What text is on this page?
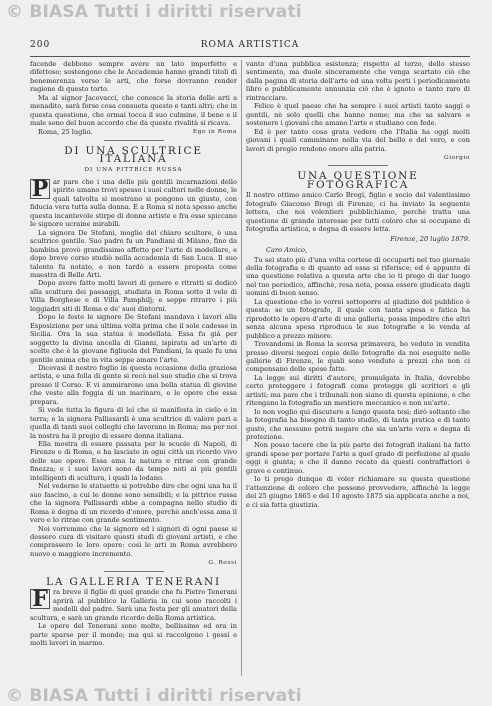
© BIASA Tutti i diritti riservati
200	ROMA ARTISTICA

facende debbono sempre avere un lato imperfetto e difettoso; sostengono che le Accademie hanno grandi titoli di benemerenza verso le arti, che forse dovranno render ragione di questo torto.

Ma al signor Jacovacci, che conosce la storia delle arti a menadito, sarà forse cosa consueta questo e tanti altri; che in questa questione, che ormai tocca il suo culmine, il bene e il male sono del buon accordo che da queste rivalità si ricava.

Roma, 25 luglio.	Ego in Roma
DI UNA SCULTRICE ITALIANA
DI UNA PITTRICE RUSSA

P ar pare che i una delle più gentili incarnazioni dello spirito umano trovi spesso i suoi cultori nelle donne, le quali talvolta si mostrano si pongono un giusto, con fiducia vera tutta sulla donna. E a Roma si nota spesso anche questa incantevole stirpe di donne artiste e fra esse spiccano le signore ucraine mirabili.

La signora De Stefani, moglie del chiaro scultore, è una scultrice gentile. Suo padre fu un Pandiani di Milano, fino da bambina provò grandissimo affetto per l'arte di modellare, e dopo breve corso studiò nella accademia di San Luca. Il suo talento fu notato, e non tardò a essere proposta come maestra di Belle Arti.

Dopo avere fatto molti lavori di genere e ritratti si dedicò alla scultura dei paesaggi, studiata in Roma sotto il velo di Villa Borghese e di Villa Pamphilj; e seppe ritrarre i più leggiadri siti di Roma e de' suoi dintorni.

Dopo le feste le signore De Stefani mandava i lavori alla Esposizione per una ultima volta prima che il sole cadesse in Sicilia. Ora la sua statua è modellata. Essa fu già per soggetto la divina ancella di Gianni, ispirata ad un'arte di scelte che è la giovane figliuola del Pandiani, la quale fu una gentile anima che in vita seppe amare l'arte.

Dicevasi il nostro foglio in questa occasione della graziosa artista, e una folla di gente si recò nel suo studio che si trova presso il Corso. E vi ammirarono una bella statua di giovine che veste alla foggia di un marinaro, e le opere che essa prepara.

Si vede tutta la figura di lei che si manifesta in cielo e in terra; e la signora Pallissardi è una scultrice di valore pari a quella di tanti suoi colleghi che lavorano in Roma; ma per noi la nostra ha il pregio di essere donna italiana.

Ella mostra di essere passata per le scuole di Napoli, di Firenze e di Roma, e ha lasciato in ogni città un ricordo vivo delle sue opere. Essa ama la natura e ritrae con grande finezza; e i suoi lavori sono da tempo noti ai più gentili intelligenti di scultura, i quali la lodano.

Nel vederne le statuette si potrebbe dire che ogni una ha il suo fascino, a cui le donne sono sensibili; e la pittrice russa che la signora Pallissardi ebbe a compagna nello studio di Roma è degna di un ricordo d'onore, perchè anch'essa ama il vero e lo ritrae con grande sentimento.

Noi vorremmo che le signore ed i signori di ogni paese si dessero cura di visitare questi studi di giovani artisti, e che comprassero le loro opere: così le arti in Roma avrebbero nuovo e maggiore incremento.

G. Rossi
LA GALLERIA TENERANI

F ra breve il figlio di quel grande che fu Pietro Tenerani aprirà al pubblico la Galleria in cui sono raccolti i modelli del padre. Sarà una festa per gli amatori della scultura, e sarà un grande ricordo della Roma artistica.

Le opere del Tenerani sono molte, bellissime ed ora in parte sparse per il mondo; ma qui si raccolgono i gessi e molti lavori in marmo.

vanto d'una pubblica esistenza; rispetto al terzo, dello stesso sentimento, ma duole sinceramente che venga scartato ciò che dalla pagina di storia dell'arte ed una volta porti i periodicamente libro e pubblicamente annunzia ciò che è ignoto e tanto raro di rintracciare.

Felice è quel paese che ha sempre i suoi artisti tanto saggi e gentili, nè solo quelli che hanno nome; ma che sa salvare e sostenere i giovani che amano l'arte e studiano con fede.

Ed è per tanto cosa grata vedere che l'Italia ha oggi molti giovani i quali camminano nella via del bello e del vero, e con lavori di pregio rendono onore alla patria.

Giorgio
UNA QUESTIONE FOTOGRAFICA

Il nostro ottimo amico Carlo Brogi, figlio e socio del valentissimo fotografo Giacomo Brogi di Firenze, ci ha inviato la seguente lettera, che noi volentieri pubblichiamo, perchè tratta una questione di grande interesse per tutti coloro che si occupano di fotografia artistica, e degna di essere letta.

Firenze, 20 luglio 1879.
Caro Amico,

Tu sei stato più d'una volta cortese di occuparti nel tuo giornale della fotografia e di quanto ad essa si riferisce; ed è appunto di una questione relativa a questa arte che io ti prego di dar luogo nel tuo periodico, affinchè, resa nota, possa essere giudicata dagli uomini di buon senso.

La questione che io vorrei sottoporre al giudizio del pubblico è questa: se un fotografo, il quale con tanta spesa e fatica ha riprodotto le opere d'arte di una galleria, possa impedire che altri senza alcuna spesa riproduca le sue fotografie e le venda al pubblico a prezzo minore.

Trovandomi in Roma la scorsa primavera, ho veduto in vendita presso diversi negozi copie delle fotografie da noi eseguite nelle gallerie di Firenze, le quali sono vendute a prezzi che non ci compensano delle spese fatte.

La legge sui diritti d'autore, promulgata in Italia, dovrebbe certo proteggere i fotografi come protegge gli scrittori e gli artisti; ma pare che i tribunali non siano di questa opinione, e che ritengano la fotografia un mestiere meccanico e non un'arte.

Io non voglio qui discutere a lungo questa tesi; dirò soltanto che la fotografia ha bisogno di tanto studio, di tanta pratica e di tanto gusto, che nessuno potrà negare che sia un'arte vera e degna di protezione.

Non posso tacere che la più parte dei fotografi italiani ha fatto grandi spese per portare l'arte a quel grado di perfezione al quale oggi è giunta; e che il danno recato da questi contraffattori è grave e continuo.

Io ti prego dunque di voler richiamare su questa questione l'attenzione di coloro che possono provvedere, affinchè la legge del 25 giugno 1865 e del 10 agosto 1875 sia applicata anche a noi, e ci sia fatta giustizia.

© BIASA Tutti i diritti riservati
